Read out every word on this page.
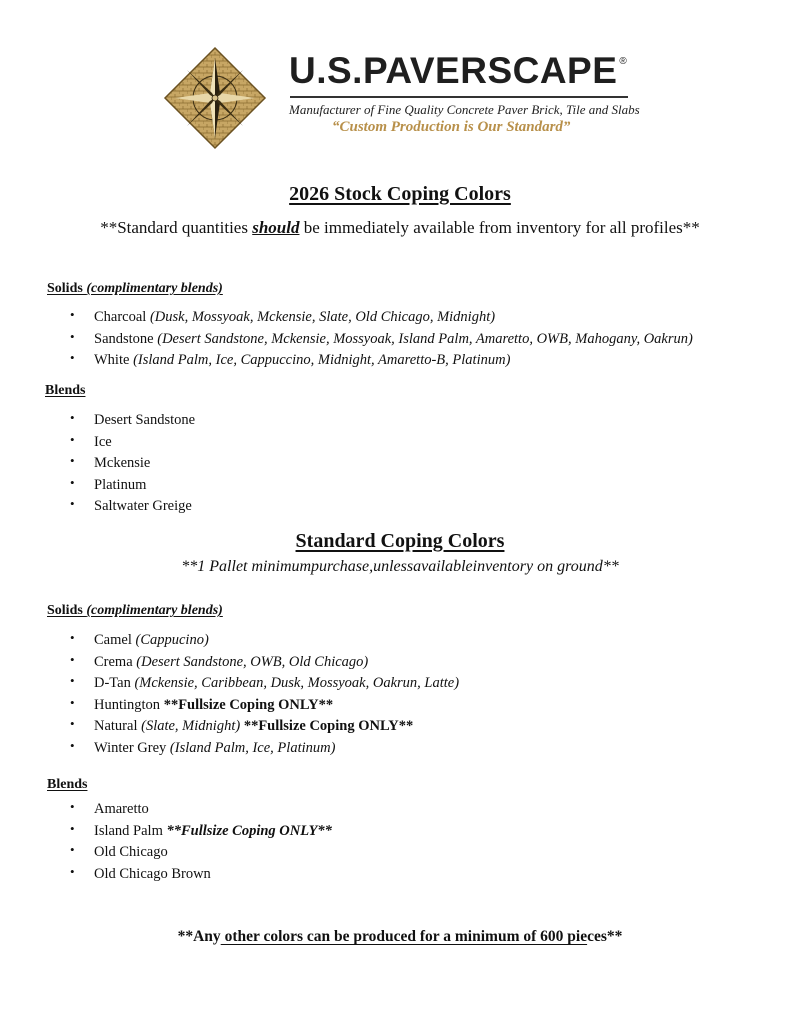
U.S.PAVERSCAPE ®
Manufacturer of Fine Quality Concrete Paver Brick, Tile and Slabs
“Custom Production is Our Standard”
2026 Stock Coping Colors
**Standard quantities should be immediately available from inventory for all profiles**
Solids (complimentary blends)
• Charcoal (Dusk, Mossyoak, Mckensie, Slate, Old Chicago, Midnight)
• Sandstone (Desert Sandstone, Mckensie, Mossyoak, Island Palm, Amaretto, OWB, Mahogany, Oakrun)
• White (Island Palm, Ice, Cappuccino, Midnight, Amaretto-B, Platinum)
Blends
• Desert Sandstone
• Ice
• Mckensie
• Platinum
• Saltwater Greige
Standard Coping Colors
**1 Pallet minimumpurchase,unlessavailableinventory on ground**
Solids (complimentary blends)
• Camel (Cappucino)
• Crema (Desert Sandstone, OWB, Old Chicago)
• D-Tan (Mckensie, Caribbean, Dusk, Mossyoak, Oakrun, Latte)
• Huntington **Fullsize Coping ONLY**
• Natural (Slate, Midnight) **Fullsize Coping ONLY**
• Winter Grey (Island Palm, Ice, Platinum)
Blends
• Amaretto
• Island Palm **Fullsize Coping ONLY**
• Old Chicago
• Old Chicago Brown
**Any other colors can be produced for a minimum of 600 pieces**
